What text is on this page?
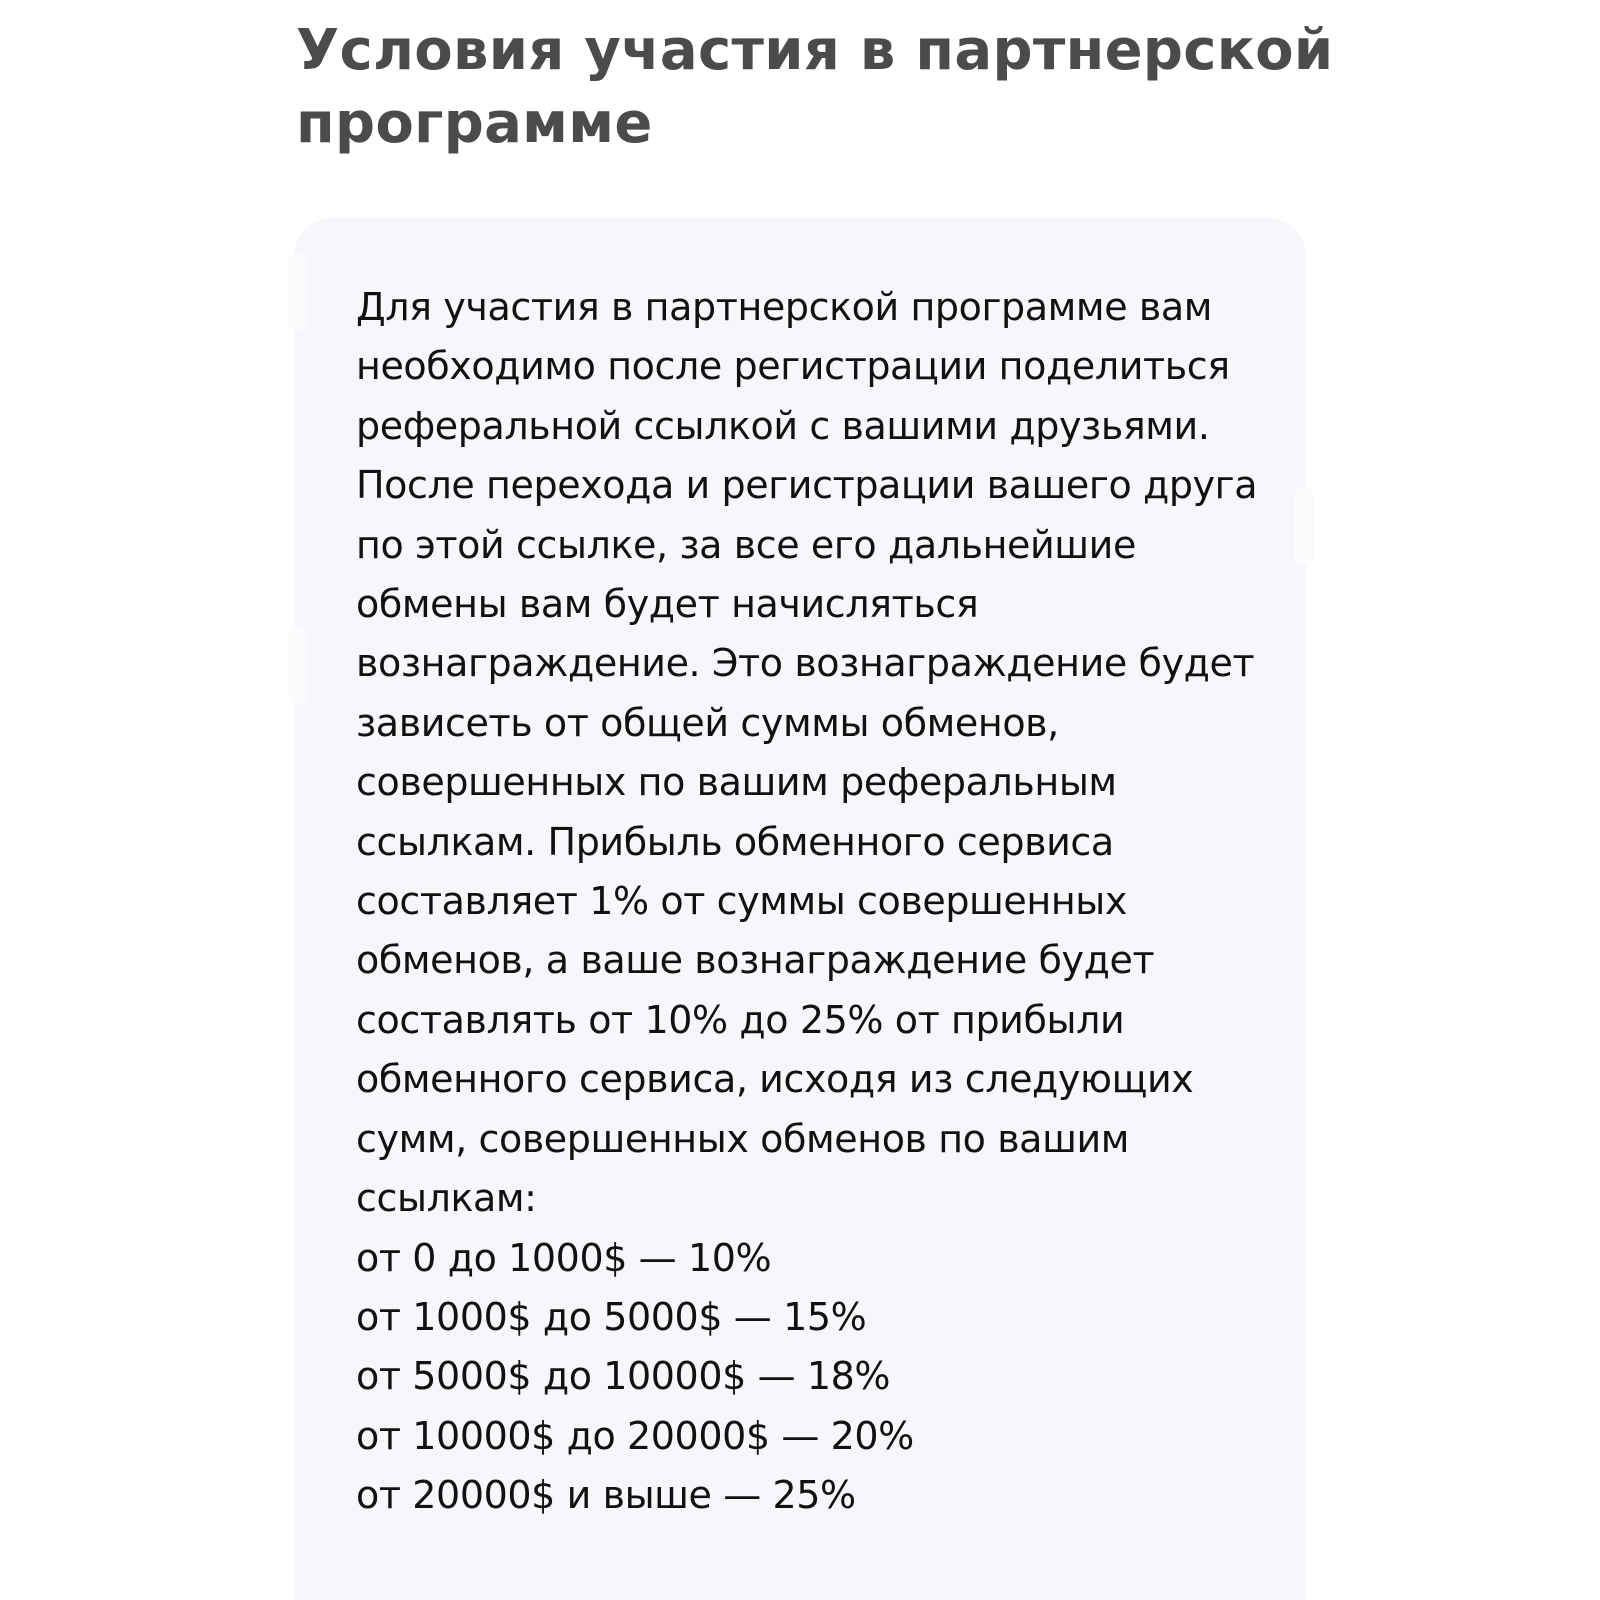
Условия участия в партнерской программе

Для участия в партнерской программе вам необходимо после регистрации поделиться реферальной ссылкой с вашими друзьями. После перехода и регистрации вашего друга по этой ссылке, за все его дальнейшие обмены вам будет начисляться вознаграждение. Это вознаграждение будет зависеть от общей суммы обменов, совершенных по вашим реферальным ссылкам. Прибыль обменного сервиса составляет 1% от суммы совершенных обменов, а ваше вознаграждение будет составлять от 10% до 25% от прибыли обменного сервиса, исходя из следующих сумм, совершенных обменов по вашим ссылкам:

от 0 до 1000$ — 10%
от 1000$ до 5000$ — 15%
от 5000$ до 10000$ — 18%
от 10000$ до 20000$ — 20%
от 20000$ и выше — 25%
